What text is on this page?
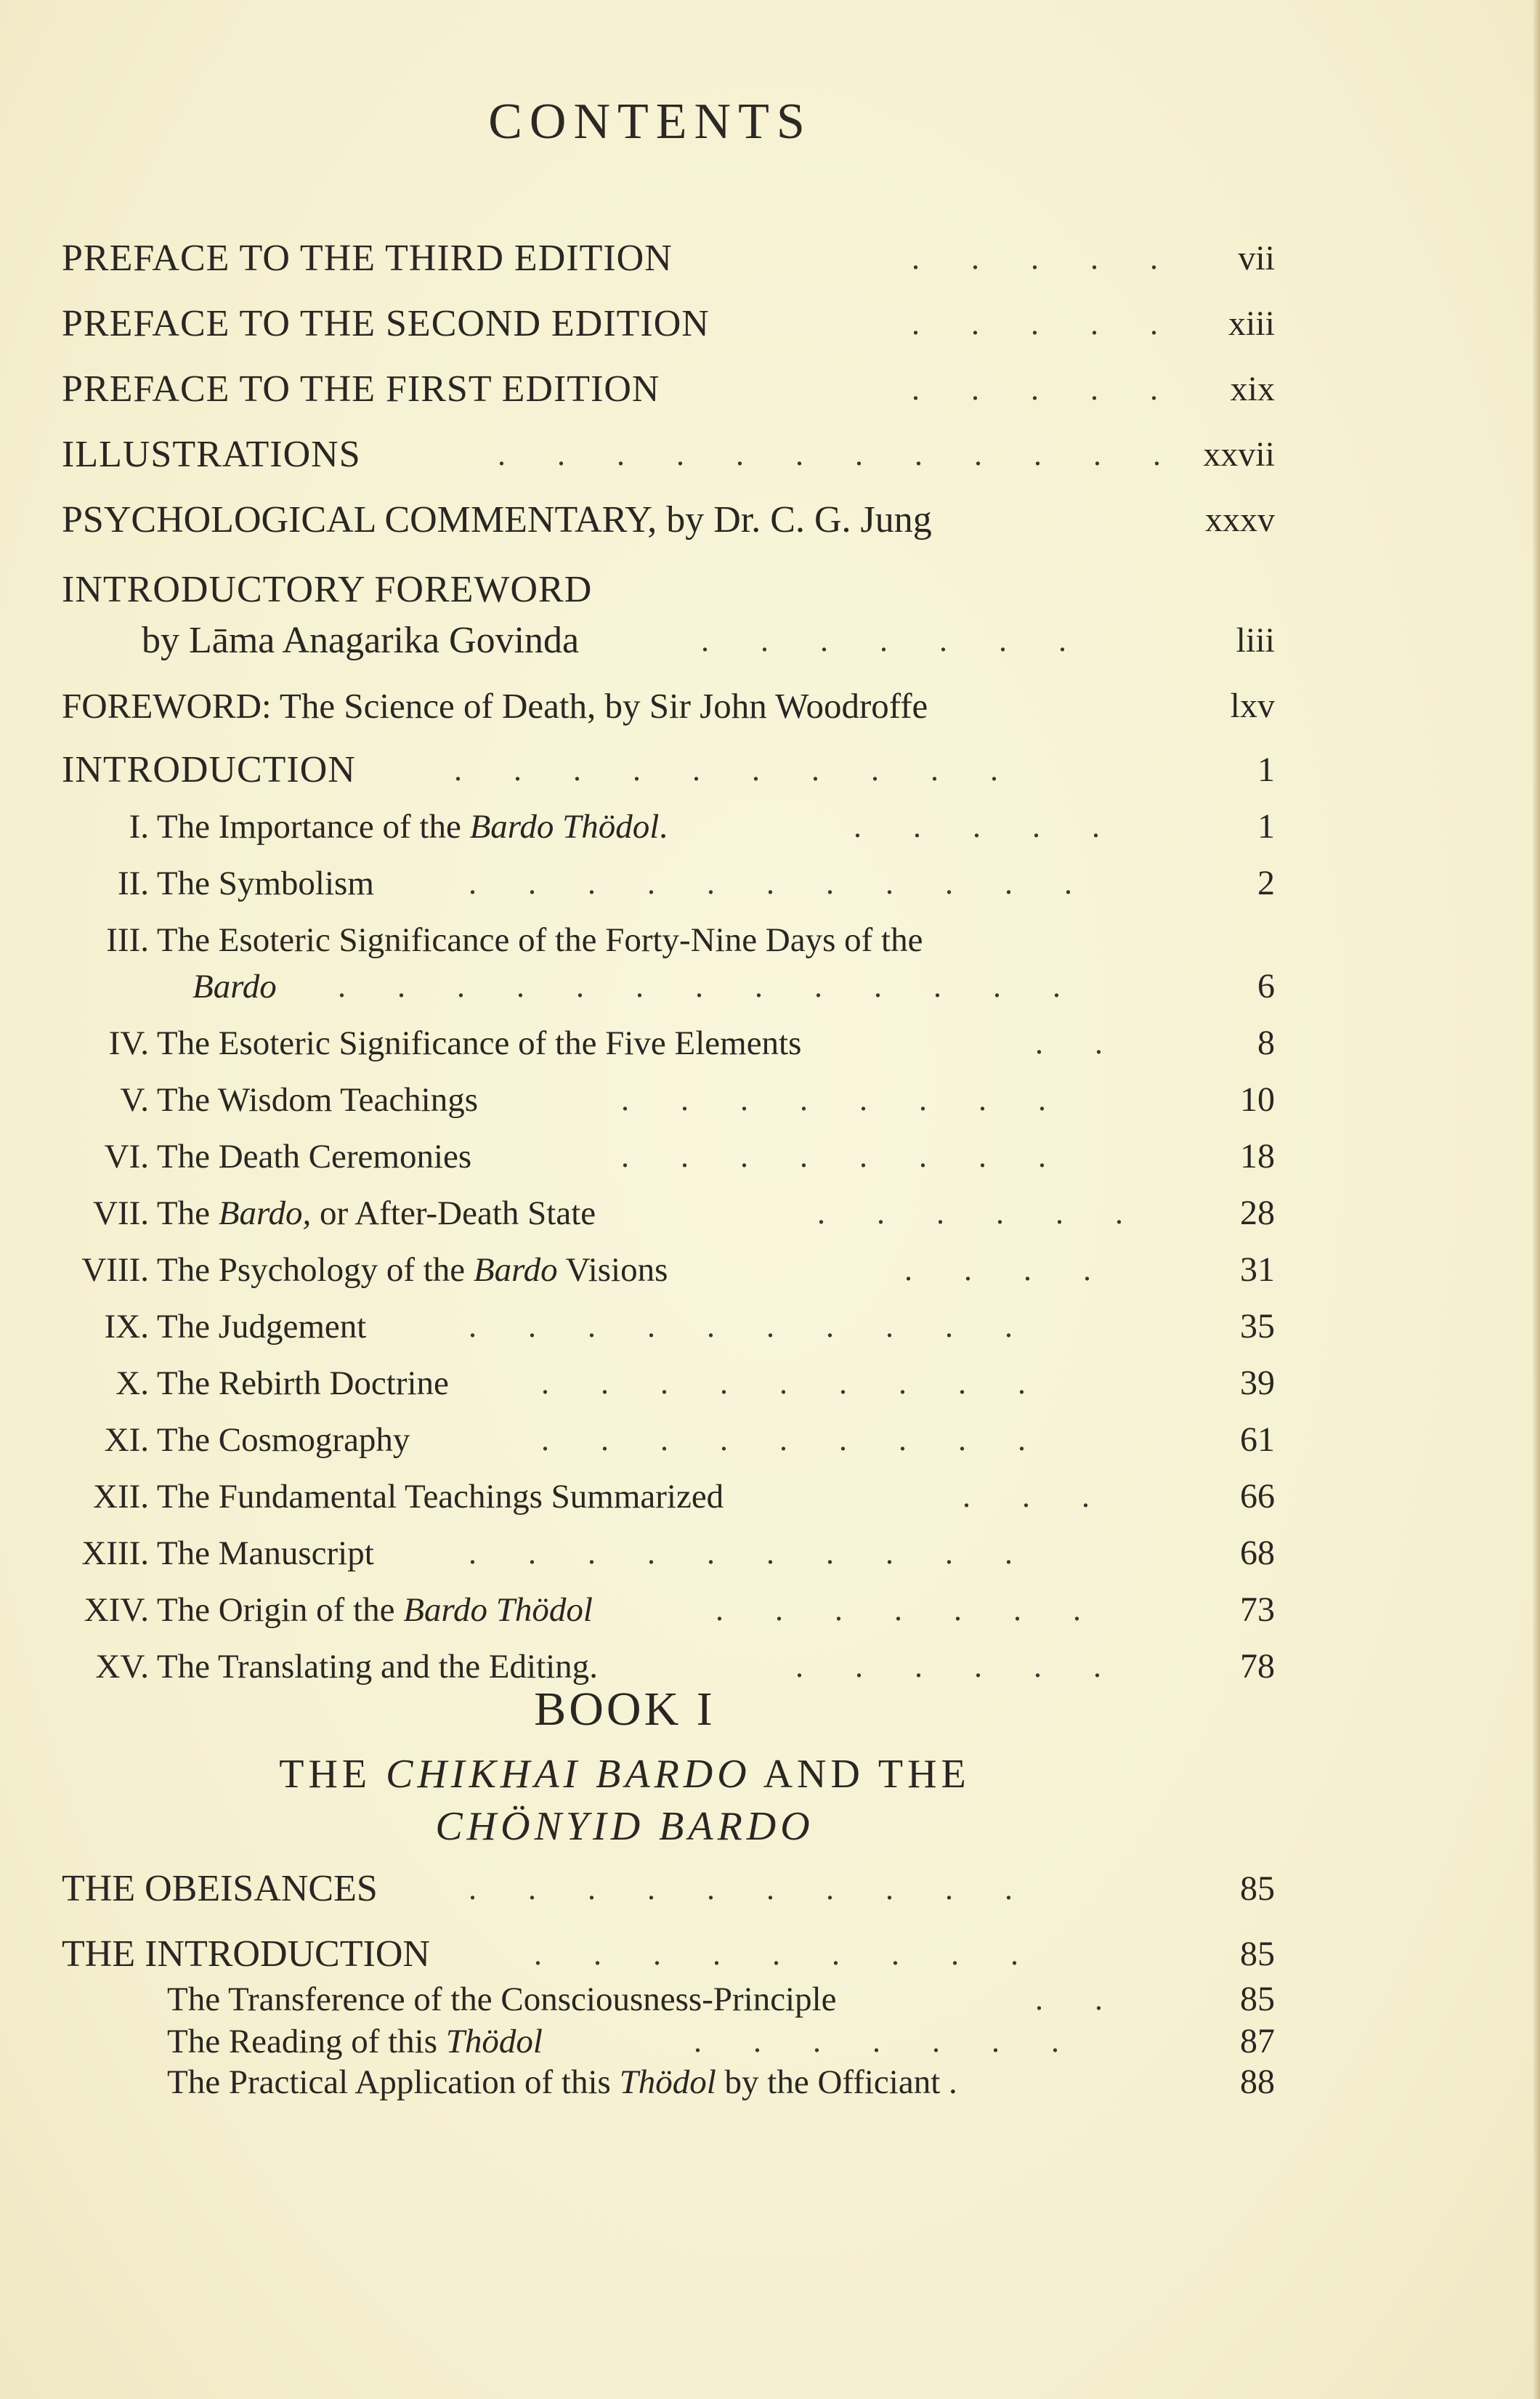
CONTENTS
PREFACE TO THE THIRD EDITION	. . . . .	vii
PREFACE TO THE SECOND EDITION	. . . . .	xiii
PREFACE TO THE FIRST EDITION	. . . . .	xix
ILLUSTRATIONS	. . . . . . . . . . . . xxvii
PSYCHOLOGICAL COMMENTARY, by Dr. C. G. Jung	xxxv
INTRODUCTORY FOREWORD
by Lāma Anagarika Govinda	. . . . . . .	liii
FOREWORD: The Science of Death, by Sir John Woodroffe	lxv
INTRODUCTION	. . . . . . . . . .	1
I. The Importance of the Bardo Thödol.	. . . . .	1
II. The Symbolism	. . . . . . . . . . .	2
III. The Esoteric Significance of the Forty-Nine Days of the
Bardo . . . . . . . . . . . . .	6
IV. The Esoteric Significance of the Five Elements	. .	8
V. The Wisdom Teachings	. . . . . . . .	10
VI. The Death Ceremonies	. . . . . . . .	18
VII. The Bardo, or After-Death State	. . . . . .	28
VIII. The Psychology of the Bardo Visions	. . . .	31
IX. The Judgement	. . . . . . . . . .	35
X. The Rebirth Doctrine	. . . . . . . . .	39
XI. The Cosmography	. . . . . . . . .	61
XII. The Fundamental Teachings Summarized	. . .	66
XIII. The Manuscript	. . . . . . . . . .	68
XIV. The Origin of the Bardo Thödol	. . . . . . .	73
XV. The Translating and the Editing.	. . . . . .	78
BOOK I
THE CHIKHAI BARDO AND THE
CHÖNYID BARDO
THE OBEISANCES	. . . . . . . . . .	85
THE INTRODUCTION	. . . . . . . . .	85
The Transference of the Consciousness-Principle	. .	85
The Reading of this Thödol	. . . . . . .	87
The Practical Application of this Thödol by the Officiant .	88
